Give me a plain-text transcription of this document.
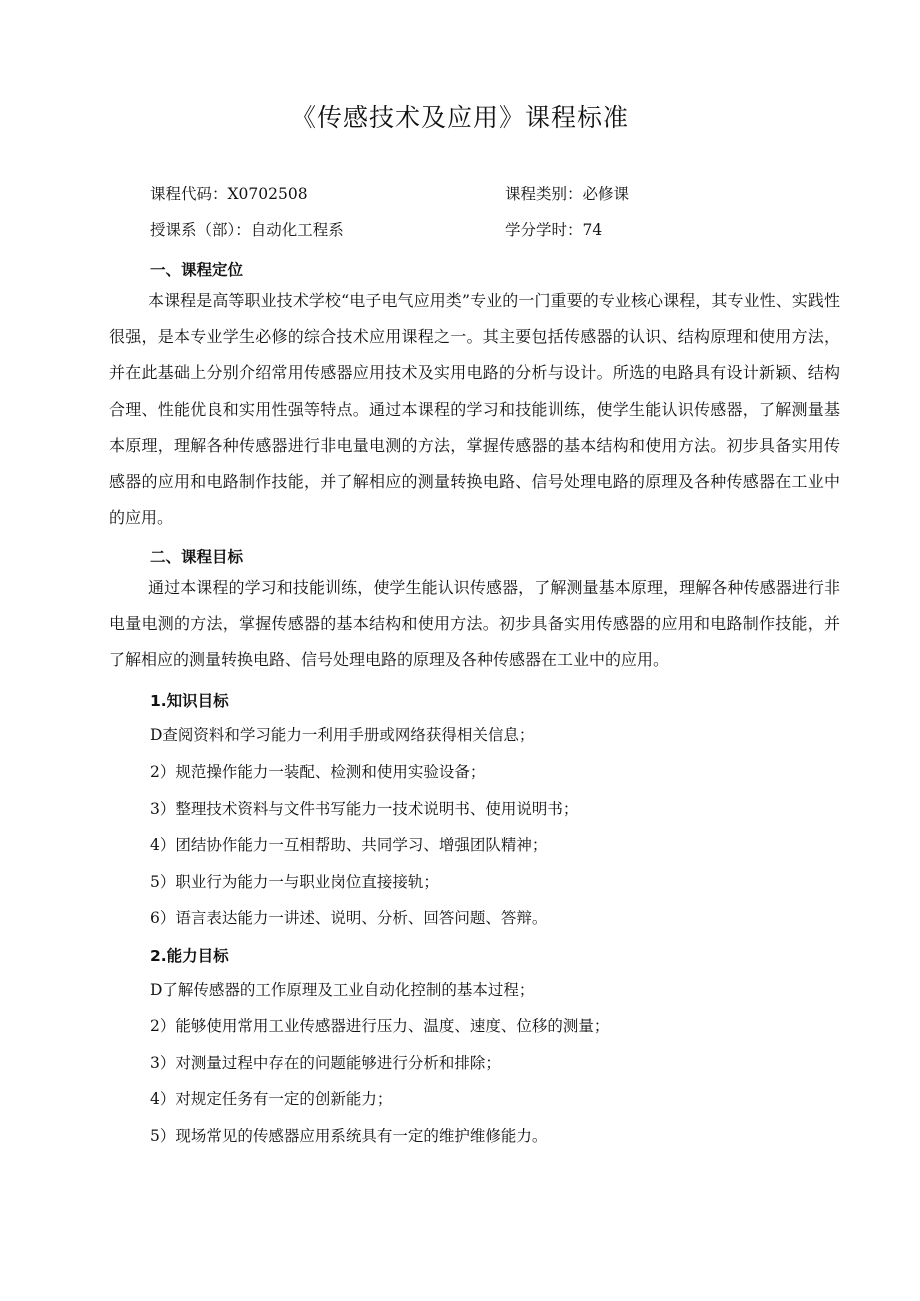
《传感技术及应用》课程标准
课程代码：X0702508	课程类别：必修课
授课系（部）：自动化工程系	学分学时：74
一、课程定位

本课程是高等职业技术学校“电子电气应用类”专业的一门重要的专业核心课程，其专业性、实践性很强，是本专业学生必修的综合技术应用课程之一。其主要包括传感器的认识、结构原理和使用方法，并在此基础上分别介绍常用传感器应用技术及实用电路的分析与设计。所选的电路具有设计新颖、结构合理、性能优良和实用性强等特点。通过本课程的学习和技能训练，使学生能认识传感器，了解测量基本原理，理解各种传感器进行非电量电测的方法，掌握传感器的基本结构和使用方法。初步具备实用传感器的应用和电路制作技能，并了解相应的测量转换电路、信号处理电路的原理及各种传感器在工业中的应用。

二、课程目标

通过本课程的学习和技能训练，使学生能认识传感器，了解测量基本原理，理解各种传感器进行非电量电测的方法，掌握传感器的基本结构和使用方法。初步具备实用传感器的应用和电路制作技能，并了解相应的测量转换电路、信号处理电路的原理及各种传感器在工业中的应用。

1.知识目标
D查阅资料和学习能力一利用手册或网络获得相关信息；
2）规范操作能力一装配、检测和使用实验设备；
3）整理技术资料与文件书写能力一技术说明书、使用说明书；
4）团结协作能力一互相帮助、共同学习、增强团队精神；
5）职业行为能力一与职业岗位直接接轨；
6）语言表达能力一讲述、说明、分析、回答问题、答辩。
2.能力目标
D了解传感器的工作原理及工业自动化控制的基本过程；
2）能够使用常用工业传感器进行压力、温度、速度、位移的测量；
3）对测量过程中存在的问题能够进行分析和排除；
4）对规定任务有一定的创新能力；
5）现场常见的传感器应用系统具有一定的维护维修能力。
